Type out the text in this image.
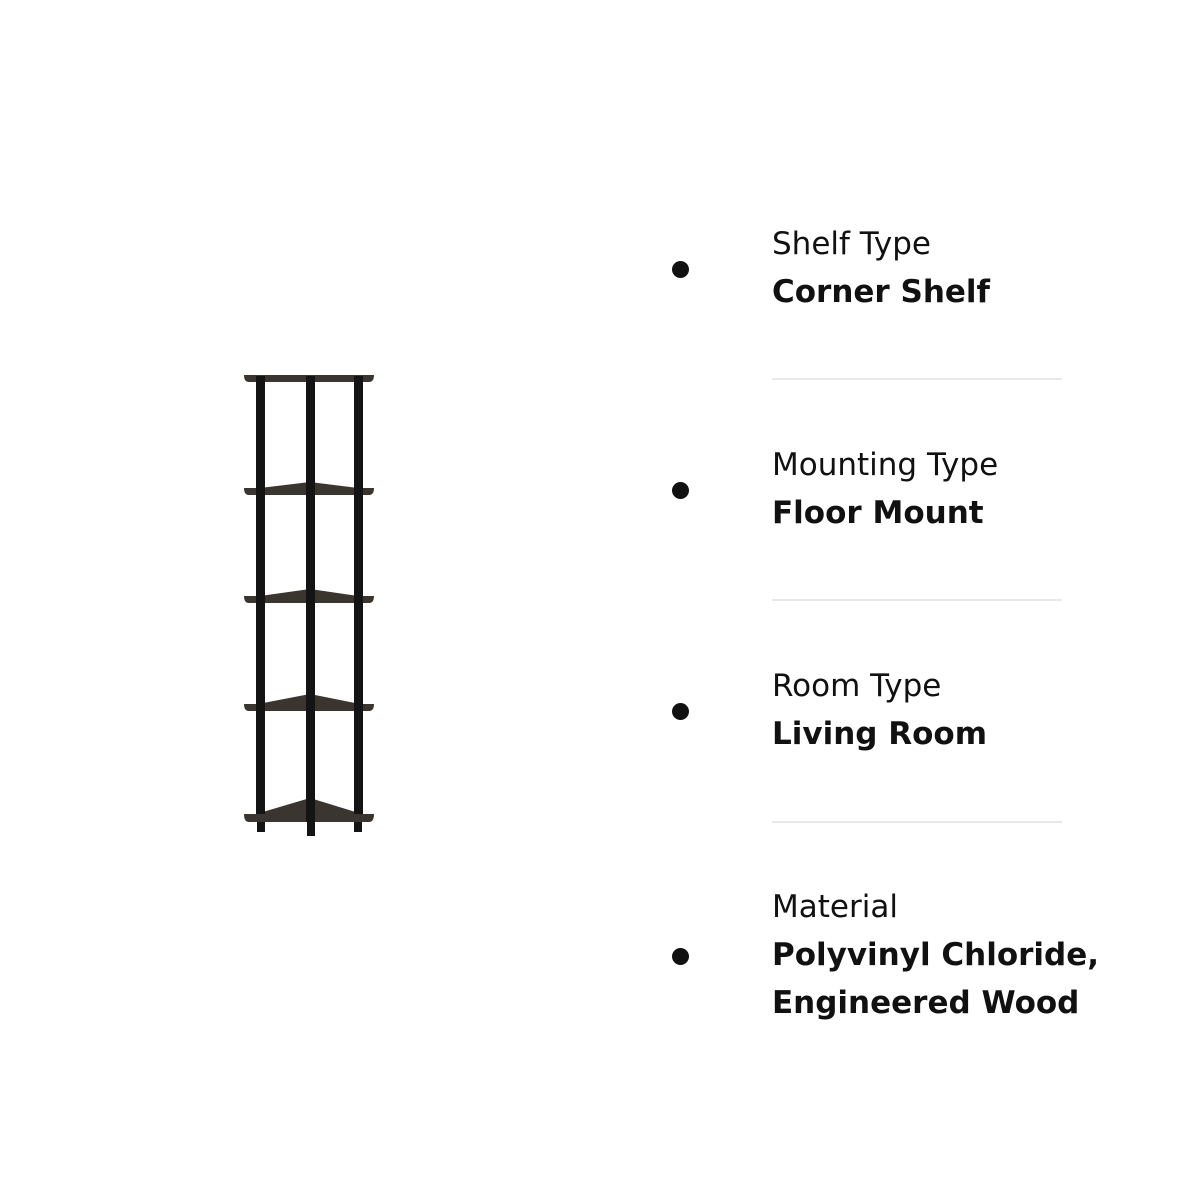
Shelf Type
Corner Shelf
Mounting Type
Floor Mount
Room Type
Living Room
Material
Polyvinyl Chloride,
Engineered Wood
